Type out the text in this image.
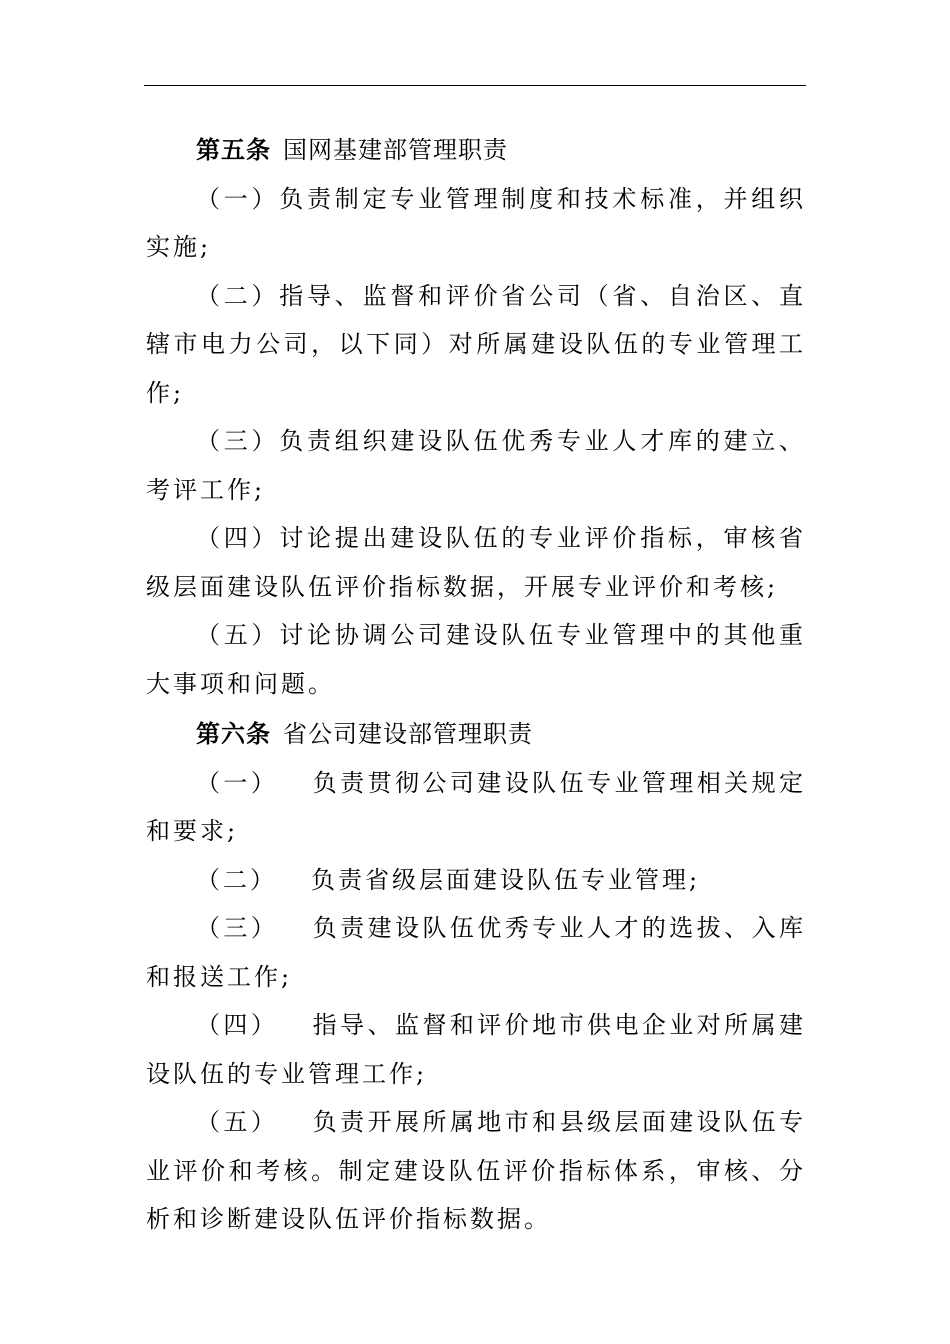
第五条 国网基建部管理职责

（一）负责制定专业管理制度和技术标准，并组织实施;

（二）指导、监督和评价省公司（省、自治区、直辖市电力公司，以下同）对所属建设队伍的专业管理工作;

（三）负责组织建设队伍优秀专业人才库的建立、考评工作;

（四）讨论提出建设队伍的专业评价指标，审核省级层面建设队伍评价指标数据，开展专业评价和考核;

（五）讨论协调公司建设队伍专业管理中的其他重大事项和问题。

第六条 省公司建设部管理职责

（一） 负责贯彻公司建设队伍专业管理相关规定和要求;

（二） 负责省级层面建设队伍专业管理;

（三） 负责建设队伍优秀专业人才的选拔、入库和报送工作;

（四） 指导、监督和评价地市供电企业对所属建设队伍的专业管理工作;

（五） 负责开展所属地市和县级层面建设队伍专业评价和考核。制定建设队伍评价指标体系，审核、分析和诊断建设队伍评价指标数据。
